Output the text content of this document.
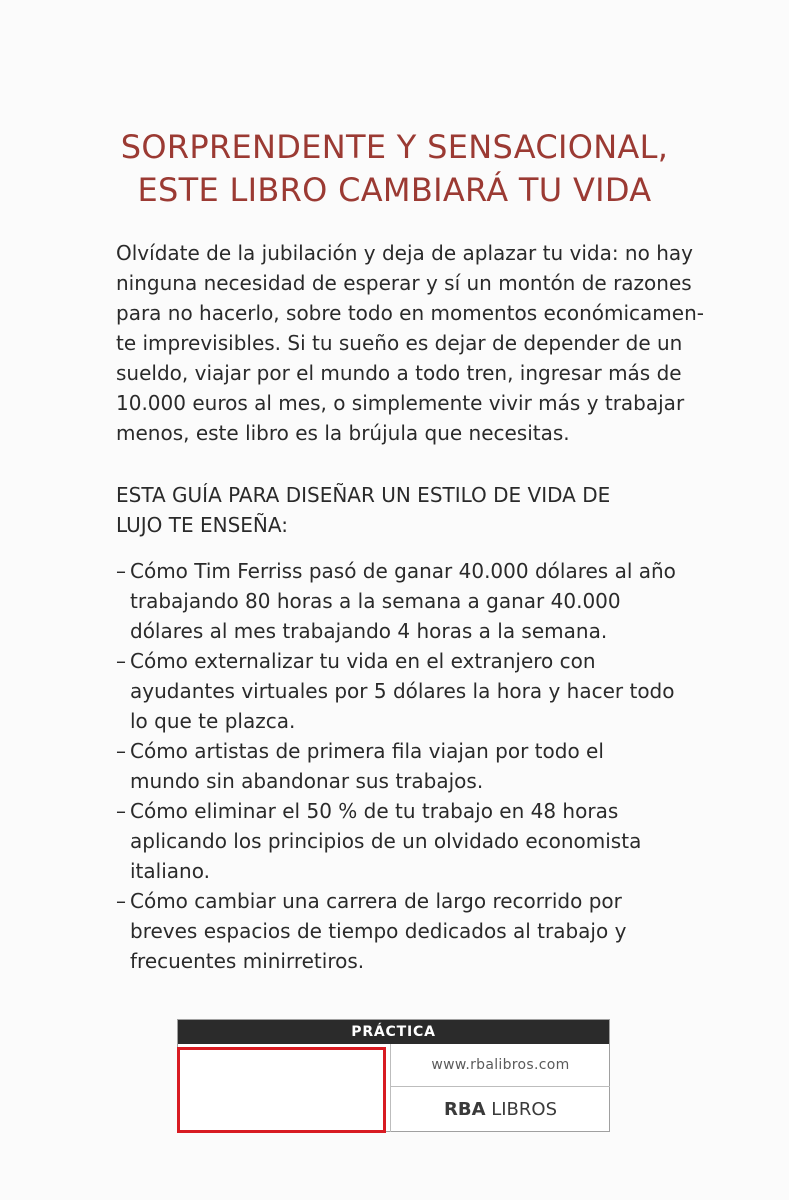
SORPRENDENTE Y SENSACIONAL,
ESTE LIBRO CAMBIARÁ TU VIDA
Olvídate de la jubilación y deja de aplazar tu vida: no hay
ninguna necesidad de esperar y sí un montón de razones
para no hacerlo, sobre todo en momentos económicamen-
te imprevisibles. Si tu sueño es dejar de depender de un
sueldo, viajar por el mundo a todo tren, ingresar más de
10.000 euros al mes, o simplemente vivir más y trabajar
menos, este libro es la brújula que necesitas.
ESTA GUÍA PARA DISEÑAR UN ESTILO DE VIDA DE
LUJO TE ENSEÑA:
– Cómo Tim Ferriss pasó de ganar 40.000 dólares al año trabajando 80 horas a la semana a ganar 40.000 dólares al mes trabajando 4 horas a la semana.
– Cómo externalizar tu vida en el extranjero con ayudantes virtuales por 5 dólares la hora y hacer todo lo que te plazca.
– Cómo artistas de primera fila viajan por todo el mundo sin abandonar sus trabajos.
– Cómo eliminar el 50 % de tu trabajo en 48 horas aplicando los principios de un olvidado economista italiano.
– Cómo cambiar una carrera de largo recorrido por breves espacios de tiempo dedicados al trabajo y frecuentes minirretiros.
PRÁCTICA
www.rbalibros.com
RBA LIBROS
